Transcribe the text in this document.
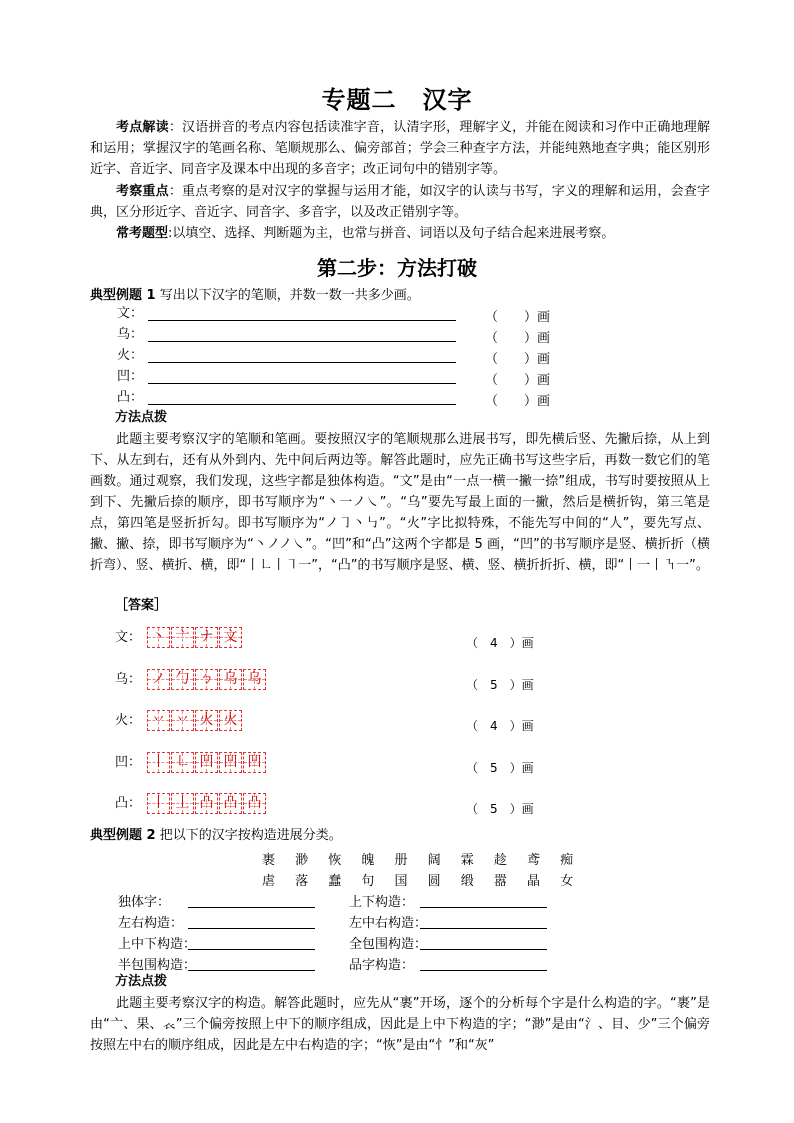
专题二 汉字
考点解读：汉语拼音的考点内容包括读准字音，认清字形，理解字义，并能在阅读和习作中正确地理解和运用；掌握汉字的笔画名称、笔顺规那么、偏旁部首；学会三种查字方法，并能纯熟地查字典；能区别形近字、音近字、同音字及课本中出现的多音字；改正词句中的错别字等。
考察重点：重点考察的是对汉字的掌握与运用才能，如汉字的认读与书写，字义的理解和运用，会查字典，区分形近字、音近字、同音字、多音字，以及改正错别字等。
常考题型:以填空、选择、判断题为主，也常与拼音、词语以及句子结合起来进展考察。
第二步：方法打破
典型例题 1 写出以下汉字的笔顺，并数一数一共多少画。
文：	（　　）画
乌：	（　　）画
火：	（　　）画
凹：	（　　）画
凸：	（　　）画
方法点拨
此题主要考察汉字的笔顺和笔画。要按照汉字的笔顺规那么进展书写，即先横后竖、先撇后捺，从上到下、从左到右，还有从外到内、先中间后两边等。解答此题时，应先正确书写这些字后，再数一数它们的笔画数。通过观察，我们发现，这些字都是独体构造。“文”是由“一点一横一撇一捺”组成，书写时要按照从上到下、先撇后捺的顺序，即书写顺序为“丶一ノ㇏”。“乌”要先写最上面的一撇，然后是横折钩，第三笔是点，第四笔是竖折折勾。即书写顺序为“ノ㇆丶㇉”。“火”字比拟特殊，不能先写中间的“人”，要先写点、撇、撇、捺，即书写顺序为“丶ノノ㇏”。“凹”和“凸”这两个字都是 5 画，“凹”的书写顺序是竖、横折折（横折弯）、竖、横折、横，即“丨㇗丨㇕一”，“凸”的书写顺序是竖、横、竖、横折折折、横，即“丨一丨㇎一”。
［答案］
文： 丶 亠 ナ 文	（　4　）画
乌： ノ 勹 ㄅ 乌 乌	（　5　）画
火： 丷 丷 火 火	（　4　）画
凹： 丨 ㇗ 凹 凹 凹	（　5　）画
凸： 丨 丄 凸 凸 凸	（　5　）画
典型例题 2 把以下的汉字按构造进展分类。
裹 渺 恢 魄 册 阔 霖 趁 鸢 痴
虐 落 蠢 句 国 圆 缎 嚣 晶 女
独体字：	上下构造：
左右构造：	左中右构造：
上中下构造：	全包围构造：
半包围构造：	品字构造：
方法点拨
此题主要考察汉字的构造。解答此题时，应先从“裹”开场，逐个的分析每个字是什么构造的字。“裹”是由“亠、果、𧘇”三个偏旁按照上中下的顺序组成，因此是上中下构造的字；“渺”是由“氵、目、少”三个偏旁按照左中右的顺序组成，因此是左中右构造的字；“恢”是由“忄”和“灰”
